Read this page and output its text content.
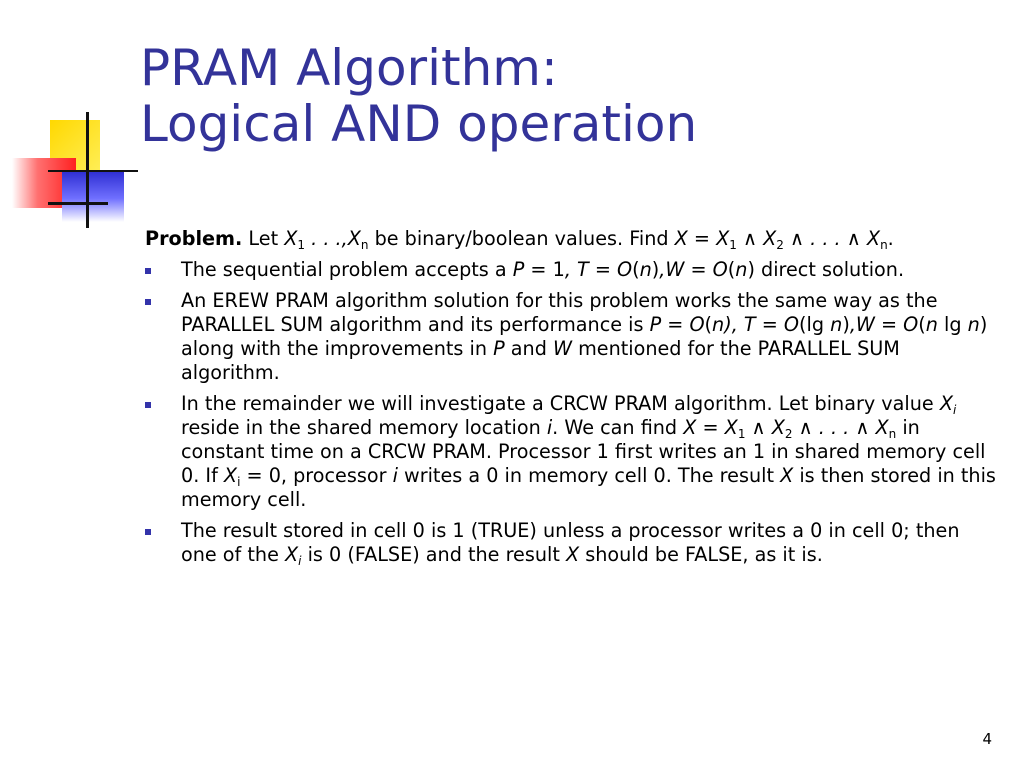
PRAM Algorithm:
Logical AND operation
Problem. Let $X_1$ . . $.,X_n$ be binary/boolean values. Find $X = X_1$ ∧ $X_2$ ∧ . . . ∧ $X_n$.
The sequential problem accepts a P = 1, T = O(n),W = O(n) direct solution.
An EREW PRAM algorithm solution for this problem works the same way as the PARALLEL SUM algorithm and its performance is P = O(n), T = O(lg n),W = O(n lg n) along with the improvements in P and W mentioned for the PARALLEL SUM algorithm.
In the remainder we will investigate a CRCW PRAM algorithm. Let binary value $X_i$ reside in the shared memory location i. We can find $X = X_1$ ∧ $X_2$ ∧ . . . ∧ $X_n$ in constant time on a CRCW PRAM. Processor 1 first writes an 1 in shared memory cell 0. If $X_i = 0$, processor i writes a 0 in memory cell 0. The result X is then stored in this memory cell.
The result stored in cell 0 is 1 (TRUE) unless a processor writes a 0 in cell 0; then one of the $X_i$ is 0 (FALSE) and the result X should be FALSE, as it is.
4
